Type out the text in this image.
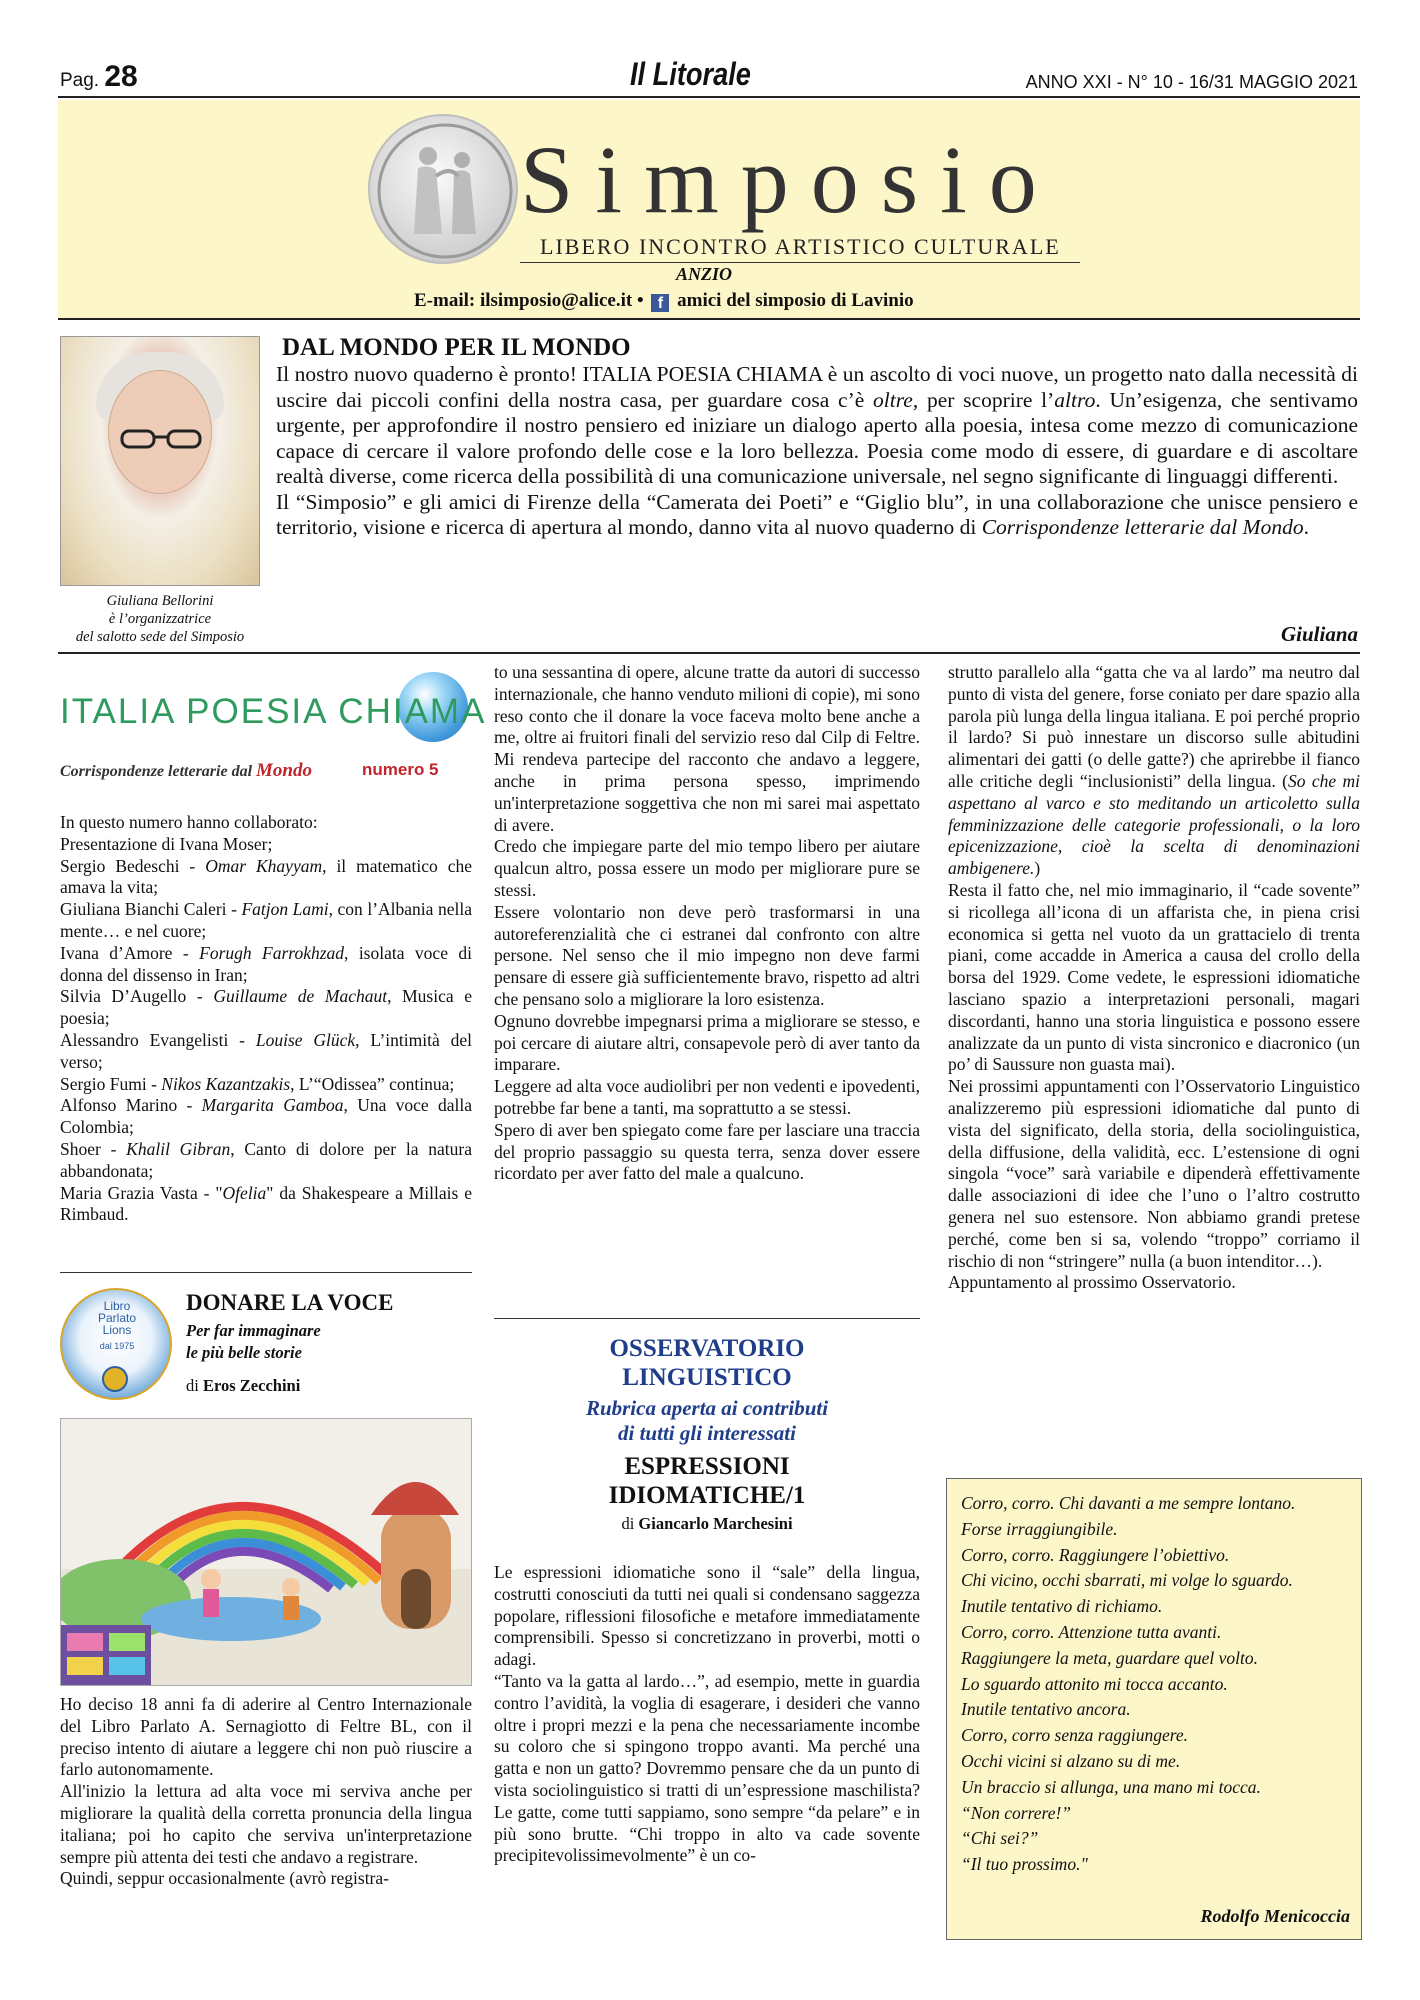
Pag. 28	Il Litorale	ANNO XXI - N° 10 - 16/31 MAGGIO 2021
Simposio
LIBERO INCONTRO ARTISTICO CULTURALE
ANZIO
E-mail: ilsimposio@alice.it • f amici del simposio di Lavinio
Giuliana Bellorini
è l’organizzatrice
del salotto sede del Simposio
DAL MONDO PER IL MONDO

Il nostro nuovo quaderno è pronto! ITALIA POESIA CHIAMA è un ascolto di voci nuove, un progetto nato dalla necessità di uscire dai piccoli confini della nostra casa, per guardare cosa c’è oltre, per scoprire l’altro. Un’esigenza, che sentivamo urgente, per approfondire il nostro pensiero ed iniziare un dialogo aperto alla poesia, intesa come mezzo di comunicazione capace di cercare il valore profondo delle cose e la loro bellezza. Poesia come modo di essere, di guardare e di ascoltare realtà diverse, come ricerca della possibilità di una comunicazione universale, nel segno significante di linguaggi differenti.

Il “Simposio” e gli amici di Firenze della “Camerata dei Poeti” e “Giglio blu”, in una collaborazione che unisce pensiero e territorio, visione e ricerca di apertura al mondo, danno vita al nuovo quaderno di Corrispondenze letterarie dal Mondo.

Giuliana
ITALIA POESIA CHIAMA
Corrispondenze letterarie dal Mondo	numero 5

In questo numero hanno collaborato:

Presentazione di Ivana Moser;

Sergio Bedeschi - Omar Khayyam, il matematico che amava la vita;

Giuliana Bianchi Caleri - Fatjon Lami, con l’Albania nella mente… e nel cuore;

Ivana d’Amore - Forugh Farrokhzad, isolata voce di donna del dissenso in Iran;

Silvia D’Augello - Guillaume de Machaut, Musica e poesia;

Alessandro Evangelisti - Louise Glück, L’intimità del verso;

Sergio Fumi - Nikos Kazantzakis, L’“Odissea” continua;

Alfonso Marino - Margarita Gamboa, Una voce dalla Colombia;

Shoer - Khalil Gibran, Canto di dolore per la natura abbandonata;

Maria Grazia Vasta - "Ofelia" da Shakespeare a Millais e Rimbaud.

Libro
Parlato
Lions
dal 1975
DONARE LA VOCE
Per far immaginare
le più belle storie
di Eros Zecchini

Ho deciso 18 anni fa di aderire al Centro Internazionale del Libro Parlato A. Sernagiotto di Feltre BL, con il preciso intento di aiutare a leggere chi non può riuscire a farlo autonomamente.

All'inizio la lettura ad alta voce mi serviva anche per migliorare la qualità della corretta pronuncia della lingua italiana; poi ho capito che serviva un'interpretazione sempre più attenta dei testi che andavo a registrare.

Quindi, seppur occasionalmente (avrò registra-

to una sessantina di opere, alcune tratte da autori di successo internazionale, che hanno venduto milioni di copie), mi sono reso conto che il donare la voce faceva molto bene anche a me, oltre ai fruitori finali del servizio reso dal Cilp di Feltre. Mi rendeva partecipe del racconto che andavo a leggere, anche in prima persona spesso, imprimendo un'interpretazione soggettiva che non mi sarei mai aspettato di avere.

Credo che impiegare parte del mio tempo libero per aiutare qualcun altro, possa essere un modo per migliorare pure se stessi.

Essere volontario non deve però trasformarsi in una autoreferenzialità che ci estranei dal confronto con altre persone. Nel senso che il mio impegno non deve farmi pensare di essere già sufficientemente bravo, rispetto ad altri che pensano solo a migliorare la loro esistenza.

Ognuno dovrebbe impegnarsi prima a migliorare se stesso, e poi cercare di aiutare altri, consapevole però di aver tanto da imparare.

Leggere ad alta voce audiolibri per non vedenti e ipovedenti, potrebbe far bene a tanti, ma soprattutto a se stessi.

Spero di aver ben spiegato come fare per lasciare una traccia del proprio passaggio su questa terra, senza dover essere ricordato per aver fatto del male a qualcuno.

OSSERVATORIO
LINGUISTICO
Rubrica aperta ai contributi
di tutti gli interessati
ESPRESSIONI
IDIOMATICHE/1
di Giancarlo Marchesini

Le espressioni idiomatiche sono il “sale” della lingua, costrutti conosciuti da tutti nei quali si condensano saggezza popolare, riflessioni filosofiche e metafore immediatamente comprensibili. Spesso si concretizzano in proverbi, motti o adagi.

“Tanto va la gatta al lardo…”, ad esempio, mette in guardia contro l’avidità, la voglia di esagerare, i desideri che vanno oltre i propri mezzi e la pena che necessariamente incombe su coloro che si spingono troppo avanti. Ma perché una gatta e non un gatto? Dovremmo pensare che da un punto di vista sociolinguistico si tratti di un’espressione maschilista? Le gatte, come tutti sappiamo, sono sempre “da pelare” e in più sono brutte. “Chi troppo in alto va cade sovente precipitevolissimevolmente” è un co-

strutto parallelo alla “gatta che va al lardo” ma neutro dal punto di vista del genere, forse coniato per dare spazio alla parola più lunga della lingua italiana. E poi perché proprio il lardo? Si può innestare un discorso sulle abitudini alimentari dei gatti (o delle gatte?) che aprirebbe il fianco alle critiche degli “inclusionisti” della lingua. (So che mi aspettano al varco e sto meditando un articoletto sulla femminizzazione delle categorie professionali, o la loro epicenizzazione, cioè la scelta di denominazioni ambigenere.)

Resta il fatto che, nel mio immaginario, il “cade sovente” si ricollega all’icona di un affarista che, in piena crisi economica si getta nel vuoto da un grattacielo di trenta piani, come accadde in America a causa del crollo della borsa del 1929. Come vedete, le espressioni idiomatiche lasciano spazio a interpretazioni personali, magari discordanti, hanno una storia linguistica e possono essere analizzate da un punto di vista sincronico e diacronico (un po’ di Saussure non guasta mai).

Nei prossimi appuntamenti con l’Osservatorio Linguistico analizzeremo più espressioni idiomatiche dal punto di vista del significato, della storia, della sociolinguistica, della diffusione, della validità, ecc. L’estensione di ogni singola “voce” sarà variabile e dipenderà effettivamente dalle associazioni di idee che l’uno o l’altro costrutto genera nel suo estensore. Non abbiamo grandi pretese perché, come ben si sa, volendo “troppo” corriamo il rischio di non “stringere” nulla (a buon intenditor…).

Appuntamento al prossimo Osservatorio.

Corro, corro. Chi davanti a me sempre lontano.
Forse irraggiungibile.
Corro, corro. Raggiungere l’obiettivo.
Chi vicino, occhi sbarrati, mi volge lo sguardo.
Inutile tentativo di richiamo.
Corro, corro. Attenzione tutta avanti.
Raggiungere la meta, guardare quel volto.
Lo sguardo attonito mi tocca accanto.
Inutile tentativo ancora.
Corro, corro senza raggiungere.
Occhi vicini si alzano su di me.
Un braccio si allunga, una mano mi tocca.
“Non correre!”
“Chi sei?”
“Il tuo prossimo."
Rodolfo Menicoccia
